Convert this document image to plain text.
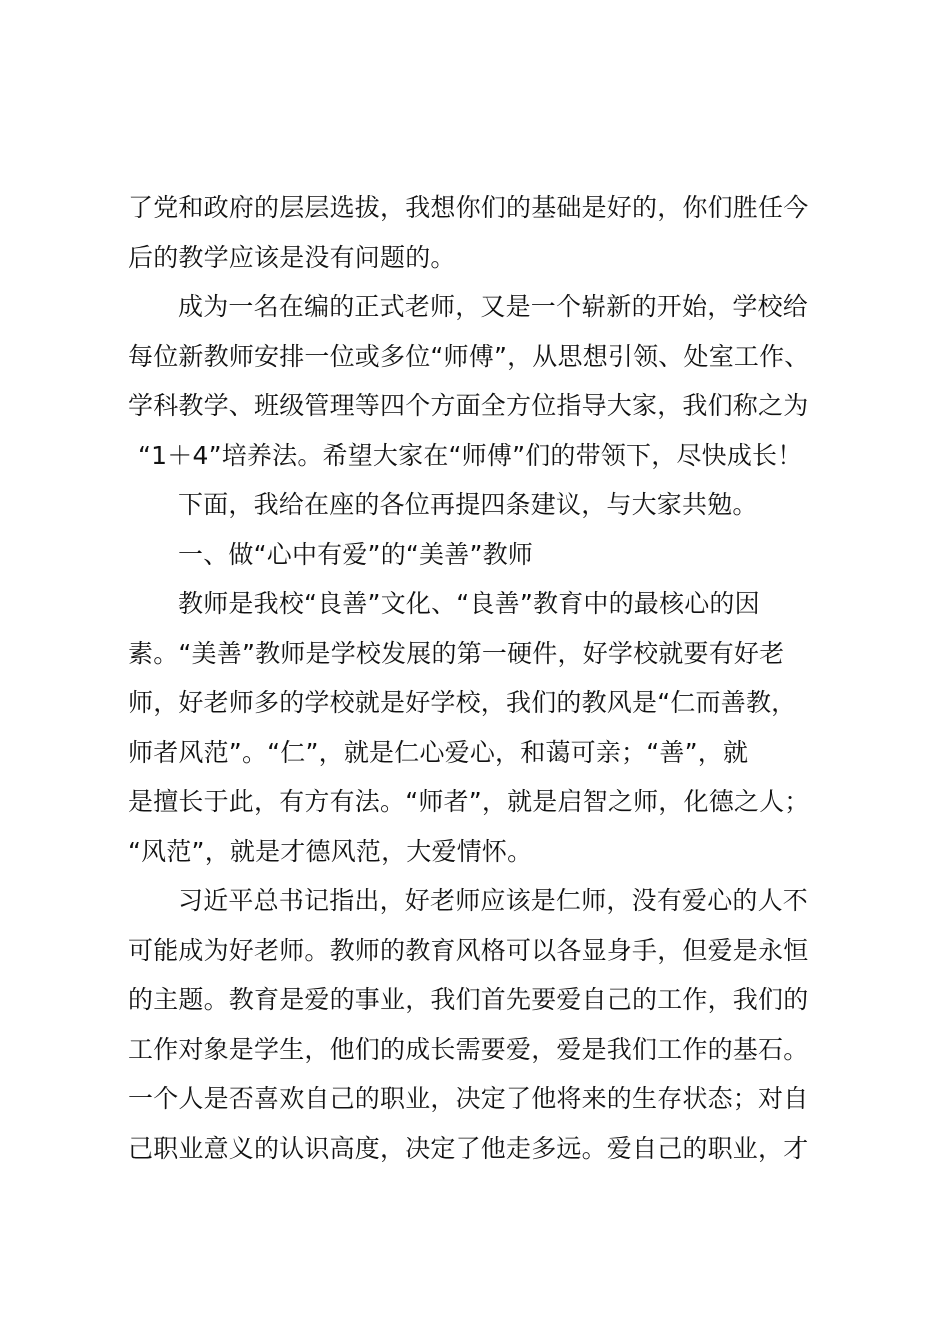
了党和政府的层层选拔，我想你们的基础是好的，你们胜任今
后的教学应该是没有问题的。
成为一名在编的正式老师，又是一个崭新的开始，学校给
每位新教师安排一位或多位“师傅”，从思想引领、处室工作、
学科教学、班级管理等四个方面全方位指导大家，我们称之为
“1＋4”培养法。希望大家在“师傅”们的带领下，尽快成长！
下面，我给在座的各位再提四条建议，与大家共勉。
一、做“心中有爱”的“美善”教师
教师是我校“良善”文化、“良善”教育中的最核心的因
素。“美善”教师是学校发展的第一硬件，好学校就要有好老
师，好老师多的学校就是好学校，我们的教风是“仁而善教，
师者风范”。“仁”，就是仁心爱心，和蔼可亲；“善”，就
是擅长于此，有方有法。“师者”，就是启智之师，化德之人；
“风范”，就是才德风范，大爱情怀。
习近平总书记指出，好老师应该是仁师，没有爱心的人不
可能成为好老师。教师的教育风格可以各显身手，但爱是永恒
的主题。教育是爱的事业，我们首先要爱自己的工作，我们的
工作对象是学生，他们的成长需要爱，爱是我们工作的基石。
一个人是否喜欢自己的职业，决定了他将来的生存状态；对自
己职业意义的认识高度，决定了他走多远。爱自己的职业，才
